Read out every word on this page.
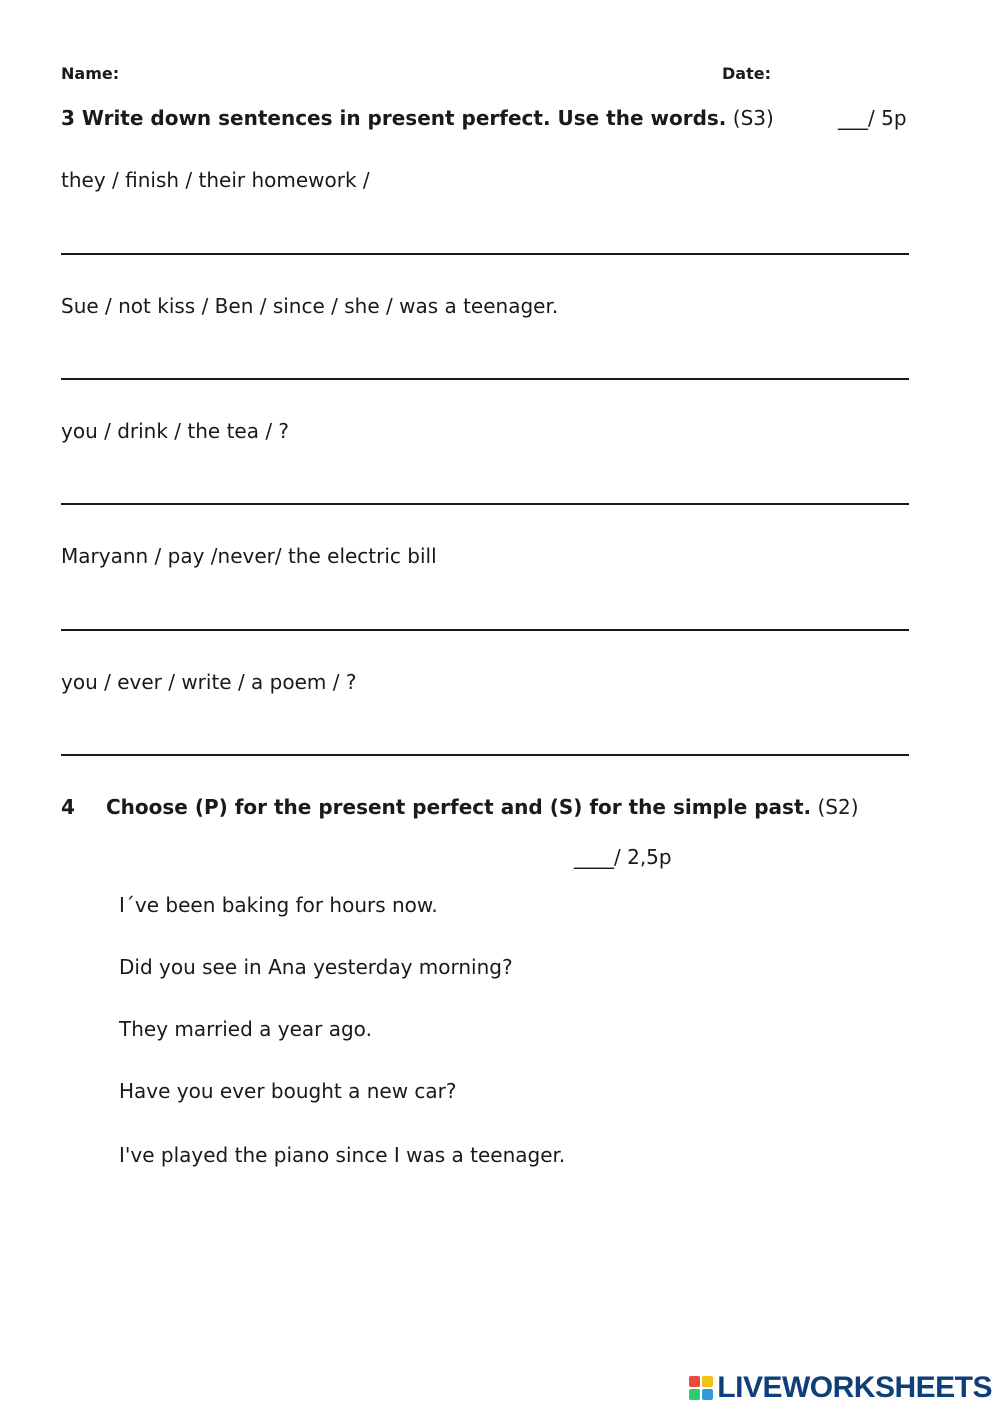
Name:	Date:
3 Write down sentences in present perfect. Use the words. (S3)	___/ 5p
they / finish / their homework /
Sue / not kiss / Ben / since / she / was a teenager.
you / drink / the tea / ?
Maryann / pay /never/ the electric bill
you / ever / write / a poem / ?
4 Choose (P) for the present perfect and (S) for the simple past. (S2)
____/ 2,5p
I´ve been baking for hours now.
Did you see in Ana yesterday morning?
They married a year ago.
Have you ever bought a new car?
I've played the piano since I was a teenager.
LIVEWORKSHEETS
